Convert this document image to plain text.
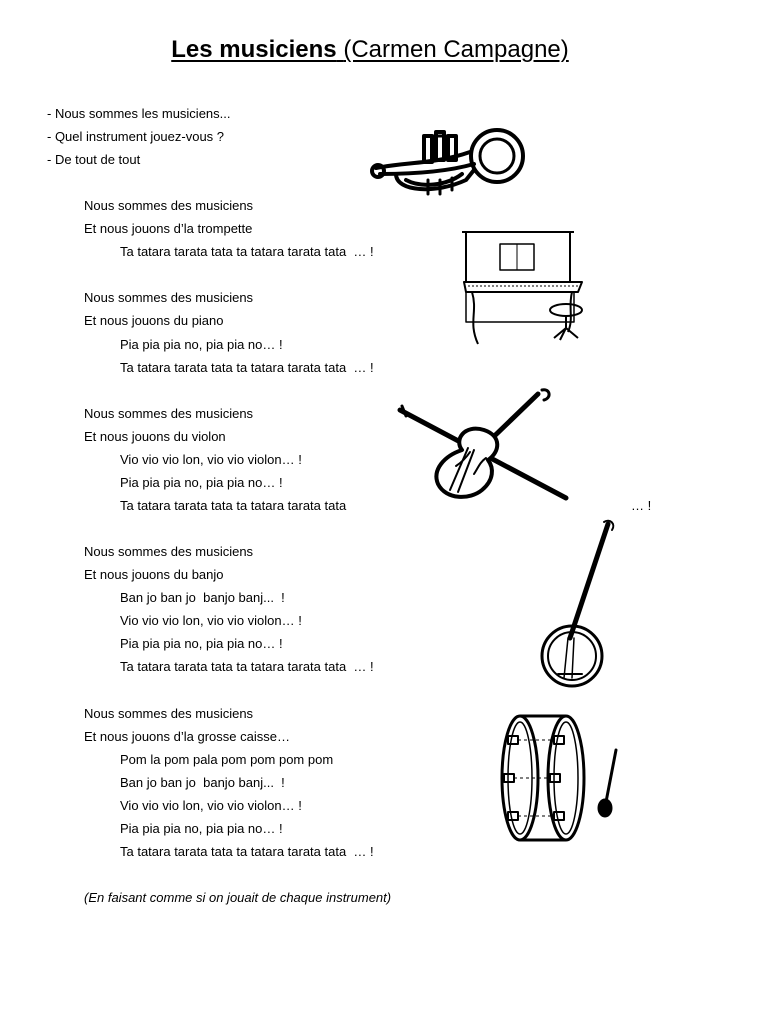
Les musiciens (Carmen Campagne)
- Nous sommes les musiciens...
- Quel instrument jouez-vous ?
- De tout de tout
Nous sommes des musiciens
Et nous jouons d’la trompette
Ta tatara tarata tata ta tatara tarata tata  … !
Nous sommes des musiciens
Et nous jouons du piano
Pia pia pia no, pia pia no… !
Ta tatara tarata tata ta tatara tarata tata  … !
Nous sommes des musiciens
Et nous jouons du violon
Vio vio vio lon, vio vio violon… !
Pia pia pia no, pia pia no… !
Ta tatara tarata tata ta tatara tarata tata	… !
Nous sommes des musiciens
Et nous jouons du banjo
Ban jo ban jo  banjo banj...  !
Vio vio vio lon, vio vio violon… !
Pia pia pia no, pia pia no… !
Ta tatara tarata tata ta tatara tarata tata  … !
Nous sommes des musiciens
Et nous jouons d’la grosse caisse…
Pom la pom pala pom pom pom pom
Ban jo ban jo  banjo banj...  !
Vio vio vio lon, vio vio violon… !
Pia pia pia no, pia pia no… !
Ta tatara tarata tata ta tatara tarata tata  … !
(En faisant comme si on jouait de chaque instrument)
